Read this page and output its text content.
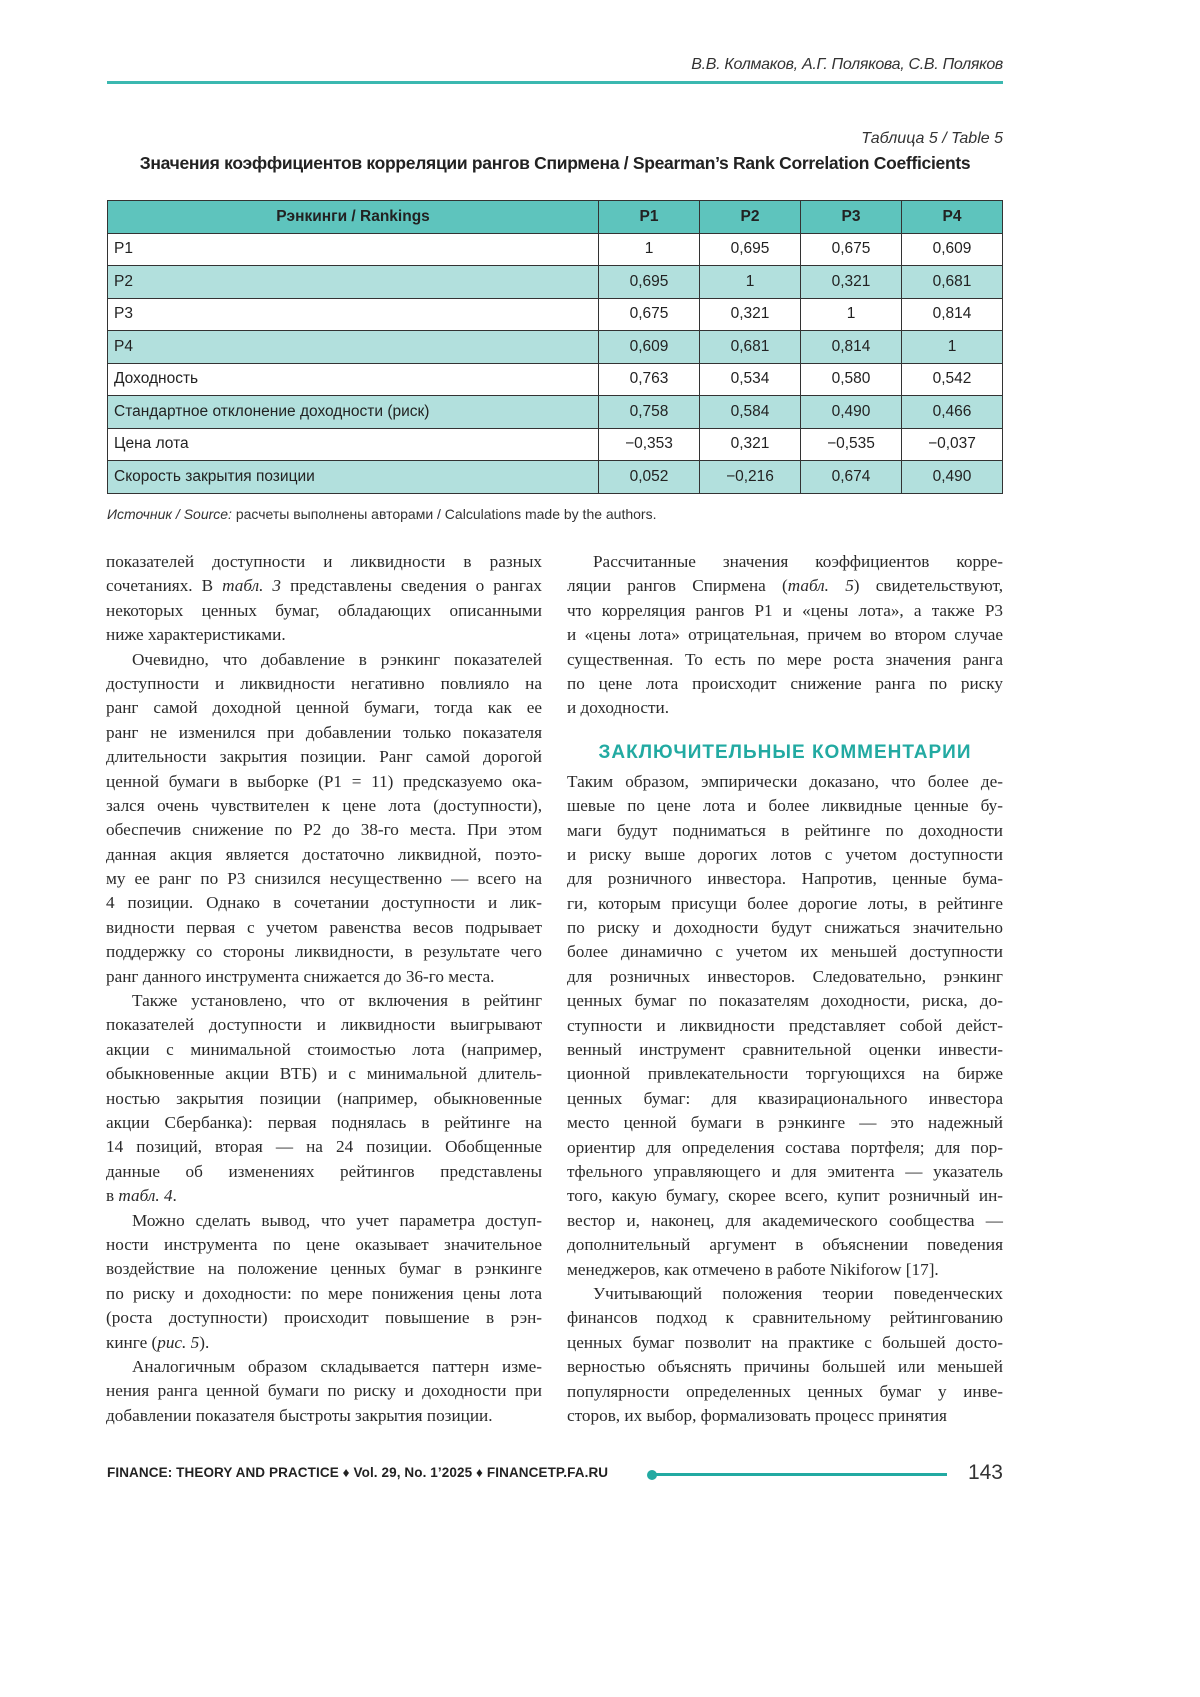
В.В. Колмаков, А.Г. Полякова, С.В. Поляков
Таблица 5 / Table 5
Значения коэффициентов корреляции рангов Спирмена / Spearman’s Rank Correlation Coefficients
Рэнкинги / Rankings	P1	P2	P3	P4
P1	1	0,695	0,675	0,609
P2	0,695	1	0,321	0,681
P3	0,675	0,321	1	0,814
P4	0,609	0,681	0,814	1
Доходность	0,763	0,534	0,580	0,542
Стандартное отклонение доходности (риск)	0,758	0,584	0,490	0,466
Цена лота	−0,353	0,321	−0,535	−0,037
Скорость закрытия позиции	0,052	−0,216	0,674	0,490
Источник / Source: расчеты выполнены авторами / Calculations made by the authors.
показателей доступности и ликвидности в разных
сочетаниях. В табл. 3 представлены сведения о рангах
некоторых ценных бумаг, обладающих описанными
ниже характеристиками.
Очевидно, что добавление в рэнкинг показателей
доступности и ликвидности негативно повлияло на
ранг самой доходной ценной бумаги, тогда как ее
ранг не изменился при добавлении только показателя
длительности закрытия позиции. Ранг самой дорогой
ценной бумаги в выборке (P1 = 11) предсказуемо ока-
зался очень чувствителен к цене лота (доступности),
обеспечив снижение по P2 до 38-го места. При этом
данная акция является достаточно ликвидной, поэто-
му ее ранг по P3 снизился несущественно — всего на
4 позиции. Однако в сочетании доступности и лик-
видности первая с учетом равенства весов подрывает
поддержку со стороны ликвидности, в результате чего
ранг данного инструмента снижается до 36-го места.
Также установлено, что от включения в рейтинг
показателей доступности и ликвидности выигрывают
акции с минимальной стоимостью лота (например,
обыкновенные акции ВТБ) и с минимальной длитель-
ностью закрытия позиции (например, обыкновенные
акции Сбербанка): первая поднялась в рейтинге на
14 позиций, вторая — на 24 позиции. Обобщенные
данные об изменениях рейтингов представлены
в табл. 4.
Можно сделать вывод, что учет параметра доступ-
ности инструмента по цене оказывает значительное
воздействие на положение ценных бумаг в рэнкинге
по риску и доходности: по мере понижения цены лота
(роста доступности) происходит повышение в рэн-
кинге (рис. 5).
Аналогичным образом складывается паттерн изме-
нения ранга ценной бумаги по риску и доходности при
добавлении показателя быстроты закрытия позиции.
Рассчитанные значения коэффициентов корре-
ляции рангов Спирмена (табл. 5) свидетельствуют,
что корреляция рангов P1 и «цены лота», а также P3
и «цены лота» отрицательная, причем во втором случае
существенная. То есть по мере роста значения ранга
по цене лота происходит снижение ранга по риску
и доходности.
ЗАКЛЮЧИТЕЛЬНЫЕ КОММЕНТАРИИ
Таким образом, эмпирически доказано, что более де-
шевые по цене лота и более ликвидные ценные бу-
маги будут подниматься в рейтинге по доходности
и риску выше дорогих лотов с учетом доступности
для розничного инвестора. Напротив, ценные бума-
ги, которым присущи более дорогие лоты, в рейтинге
по риску и доходности будут снижаться значительно
более динамично с учетом их меньшей доступности
для розничных инвесторов. Следовательно, рэнкинг
ценных бумаг по показателям доходности, риска, до-
ступности и ликвидности представляет собой дейст-
венный инструмент сравнительной оценки инвести-
ционной привлекательности торгующихся на бирже
ценных бумаг: для квазирационального инвестора
место ценной бумаги в рэнкинге — это надежный
ориентир для определения состава портфеля; для пор-
тфельного управляющего и для эмитента — указатель
того, какую бумагу, скорее всего, купит розничный ин-
вестор и, наконец, для академического сообщества —
дополнительный аргумент в объяснении поведения
менеджеров, как отмечено в работе Nikiforow [17].
Учитывающий положения теории поведенческих
финансов подход к сравнительному рейтингованию
ценных бумаг позволит на практике с большей досто-
верностью объяснять причины большей или меньшей
популярности определенных ценных бумаг у инве-
сторов, их выбор, формализовать процесс принятия
FINANCE: THEORY AND PRACTICE ♦ Vol. 29, No. 1’2025 ♦ FINANCETP.FA.RU	143
